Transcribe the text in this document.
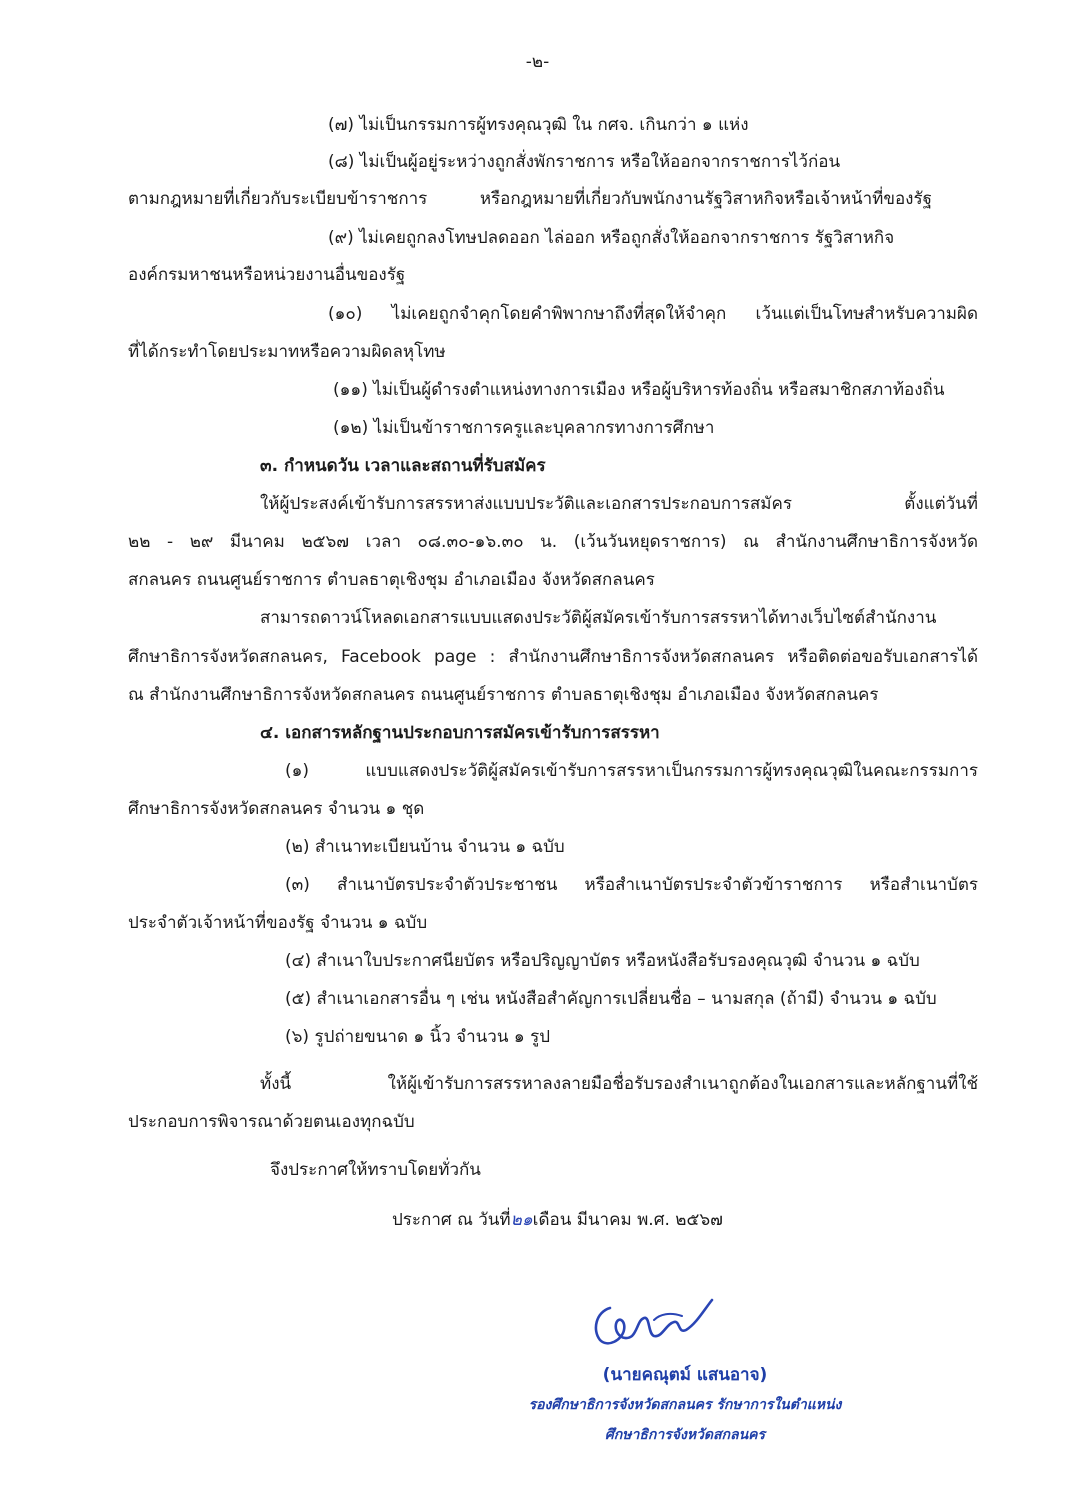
-๒-
(๗) ไม่เป็นกรรมการผู้ทรงคุณวุฒิ ใน กศจ. เกินกว่า ๑ แห่ง
(๘) ไม่เป็นผู้อยู่ระหว่างถูกสั่งพักราชการ หรือให้ออกจากราชการไว้ก่อน
ตามกฎหมายที่เกี่ยวกับระเบียบข้าราชการ หรือกฎหมายที่เกี่ยวกับพนักงานรัฐวิสาหกิจหรือเจ้าหน้าที่ของรัฐ
(๙) ไม่เคยถูกลงโทษปลดออก ไล่ออก หรือถูกสั่งให้ออกจากราชการ รัฐวิสาหกิจ
องค์กรมหาชนหรือหน่วยงานอื่นของรัฐ
(๑๐) ไม่เคยถูกจำคุกโดยคำพิพากษาถึงที่สุดให้จำคุก เว้นแต่เป็นโทษสำหรับความผิด
ที่ได้กระทำโดยประมาทหรือความผิดลหุโทษ
(๑๑) ไม่เป็นผู้ดำรงตำแหน่งทางการเมือง หรือผู้บริหารท้องถิ่น หรือสมาชิกสภาท้องถิ่น
(๑๒) ไม่เป็นข้าราชการครูและบุคลากรทางการศึกษา
๓. กำหนดวัน เวลาและสถานที่รับสมัคร
ให้ผู้ประสงค์เข้ารับการสรรหาส่งแบบประวัติและเอกสารประกอบการสมัคร ตั้งแต่วันที่
๒๒ - ๒๙ มีนาคม ๒๕๖๗ เวลา ๐๘.๓๐-๑๖.๓๐ น. (เว้นวันหยุดราชการ) ณ สำนักงานศึกษาธิการจังหวัด
สกลนคร ถนนศูนย์ราชการ ตำบลธาตุเชิงชุม อำเภอเมือง จังหวัดสกลนคร
สามารถดาวน์โหลดเอกสารแบบแสดงประวัติผู้สมัครเข้ารับการสรรหาได้ทางเว็บไซต์สำนักงาน
ศึกษาธิการจังหวัดสกลนคร, Facebook page : สำนักงานศึกษาธิการจังหวัดสกลนคร หรือติดต่อขอรับเอกสารได้
ณ สำนักงานศึกษาธิการจังหวัดสกลนคร ถนนศูนย์ราชการ ตำบลธาตุเชิงชุม อำเภอเมือง จังหวัดสกลนคร
๔. เอกสารหลักฐานประกอบการสมัครเข้ารับการสรรหา
(๑) แบบแสดงประวัติผู้สมัครเข้ารับการสรรหาเป็นกรรมการผู้ทรงคุณวุฒิในคณะกรรมการ
ศึกษาธิการจังหวัดสกลนคร จำนวน ๑ ชุด
(๒) สำเนาทะเบียนบ้าน จำนวน ๑ ฉบับ
(๓) สำเนาบัตรประจำตัวประชาชน หรือสำเนาบัตรประจำตัวข้าราชการ หรือสำเนาบัตร
ประจำตัวเจ้าหน้าที่ของรัฐ จำนวน ๑ ฉบับ
(๔) สำเนาใบประกาศนียบัตร หรือปริญญาบัตร หรือหนังสือรับรองคุณวุฒิ จำนวน ๑ ฉบับ
(๕) สำเนาเอกสารอื่น ๆ เช่น หนังสือสำคัญการเปลี่ยนชื่อ – นามสกุล (ถ้ามี) จำนวน ๑ ฉบับ
(๖) รูปถ่ายขนาด ๑ นิ้ว จำนวน ๑ รูป
ทั้งนี้ ให้ผู้เข้ารับการสรรหาลงลายมือชื่อรับรองสำเนาถูกต้องในเอกสารและหลักฐานที่ใช้
ประกอบการพิจารณาด้วยตนเองทุกฉบับ
จึงประกาศให้ทราบโดยทั่วกัน
ประกาศ ณ วันที่๒๑เดือน มีนาคม พ.ศ. ๒๕๖๗
(นายคณุตม์ แสนอาจ)
รองศึกษาธิการจังหวัดสกลนคร รักษาการในตำแหน่ง
ศึกษาธิการจังหวัดสกลนคร
